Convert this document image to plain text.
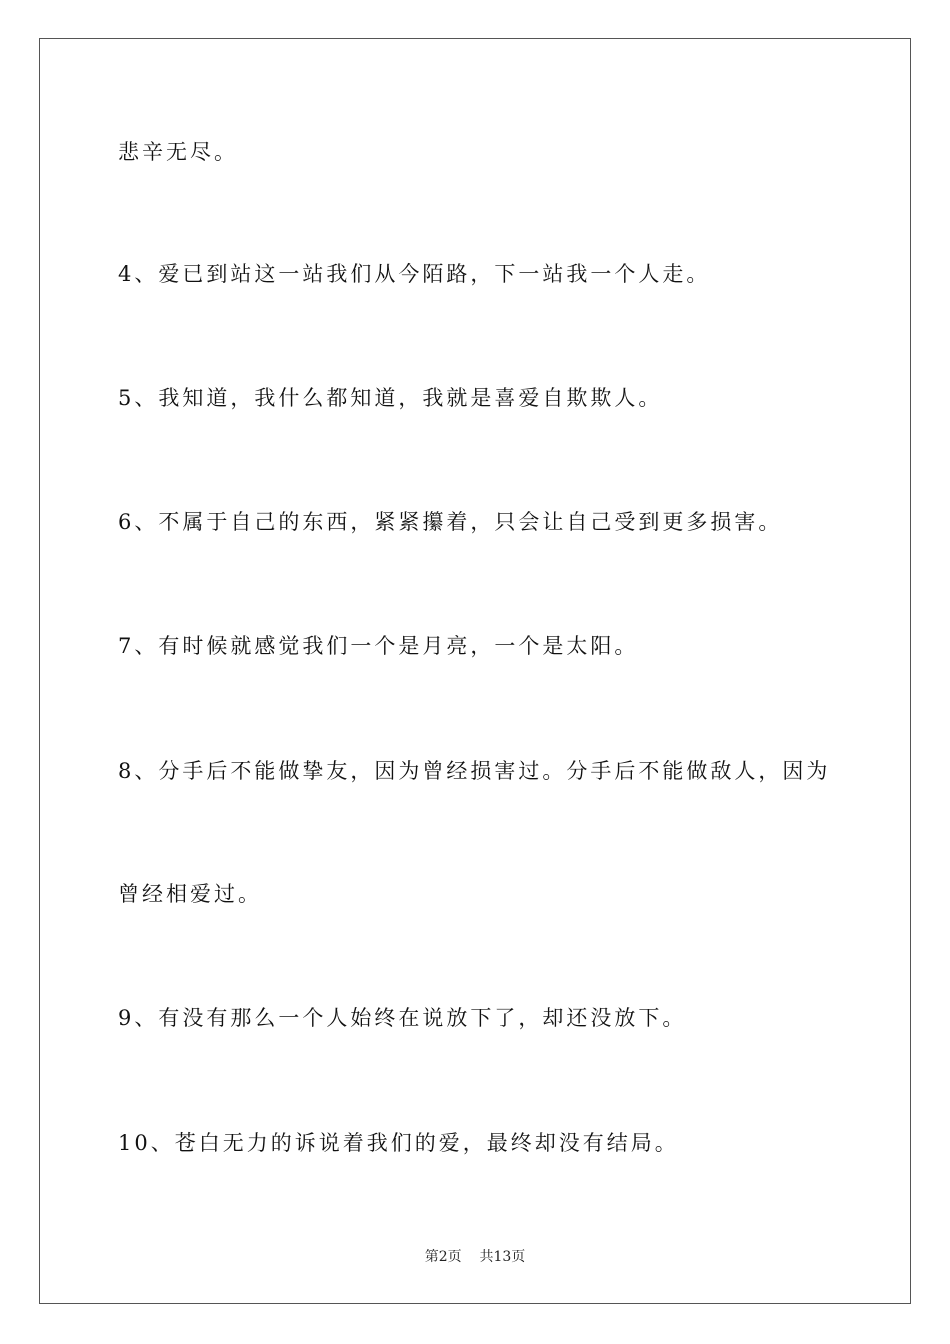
悲辛无尽。
4、爱已到站这一站我们从今陌路，下一站我一个人走。
5、我知道，我什么都知道，我就是喜爱自欺欺人。
6、不属于自己的东西，紧紧攥着，只会让自己受到更多损害。
7、有时候就感觉我们一个是月亮，一个是太阳。
8、分手后不能做挚友，因为曾经损害过。分手后不能做敌人，因为
曾经相爱过。
9、有没有那么一个人始终在说放下了，却还没放下。
10、苍白无力的诉说着我们的爱，最终却没有结局。
第2页 共13页
